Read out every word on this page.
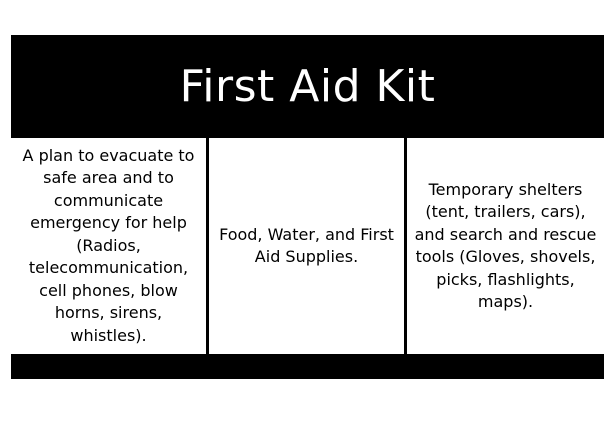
First Aid Kit
A plan to evacuate to safe area and to communicate emergency for help (Radios, telecommunication, cell phones, blow horns, sirens, whistles).
Food, Water, and First Aid Supplies.
Temporary shelters (tent, trailers, cars), and search and rescue tools (Gloves, shovels, picks, flashlights, maps).
